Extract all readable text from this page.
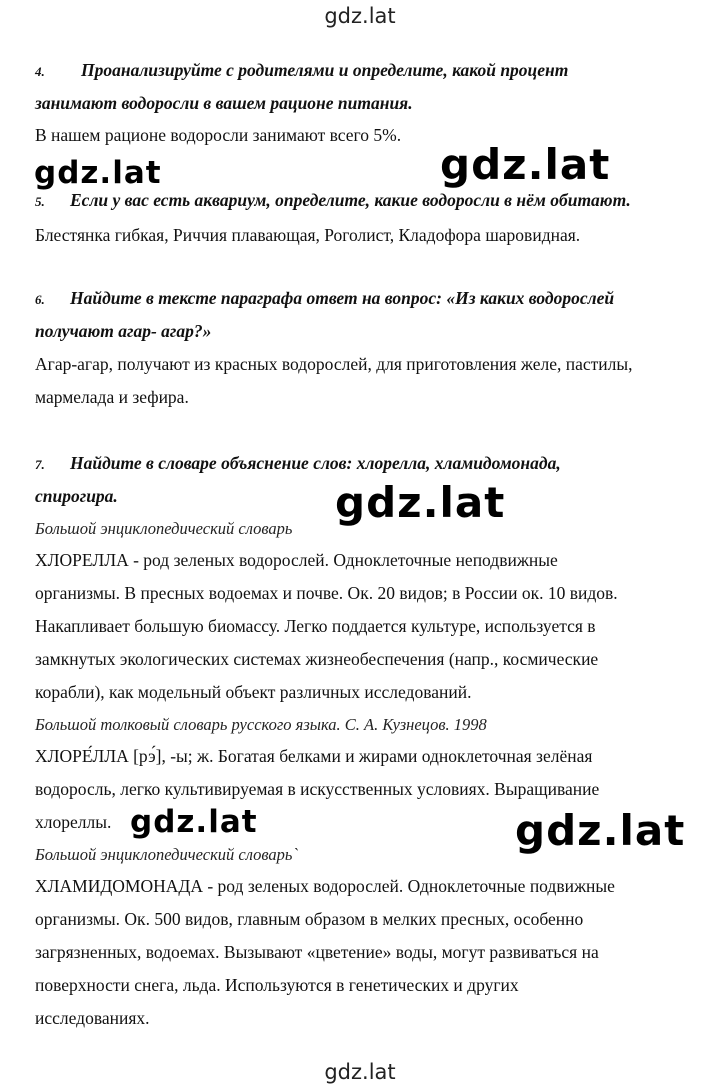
gdz.lat
4. Проанализируйте с родителями и определите, какой процент
занимают водоросли в вашем рационе питания.
В нашем рационе водоросли занимают всего 5%.
gdz.lat	gdz.lat
5. Если у вас есть аквариум, определите, какие водоросли в нём обитают.
Блестянка гибкая, Риччия плавающая, Роголист, Кладофора шаровидная.
6. Найдите в тексте параграфа ответ на вопрос: «Из каких водорослей
получают агар- агар?»
Агар-агар, получают из красных водорослей, для приготовления желе, пастилы,
мармелада и зефира.
7. Найдите в словаре объяснение слов: хлорелла, хламидомонада,
спирогира.	gdz.lat
Большой энциклопедический словарь
ХЛОРЕЛЛА - род зеленых водорослей. Одноклеточные неподвижные
организмы. В пресных водоемах и почве. Ок. 20 видов; в России ок. 10 видов.
Накапливает большую биомассу. Легко поддается культуре, используется в
замкнутых экологических системах жизнеобеспечения (напр., космические
корабли), как модельный объект различных исследований.
Большой толковый словарь русского языка. С. А. Кузнецов. 1998
ХЛОРЕ́ЛЛА [рэ́], -ы; ж. Богатая белками и жирами одноклеточная зелёная
водоросль, легко культивируемая в искусственных условиях. Выращивание
хлореллы. gdz.lat	gdz.lat
Большой энциклопедический словарь`
ХЛАМИДОМОНАДА - род зеленых водорослей. Одноклеточные подвижные
организмы. Ок. 500 видов, главным образом в мелких пресных, особенно
загрязненных, водоемах. Вызывают «цветение» воды, могут развиваться на
поверхности снега, льда. Используются в генетических и других
исследованиях.
gdz.lat
